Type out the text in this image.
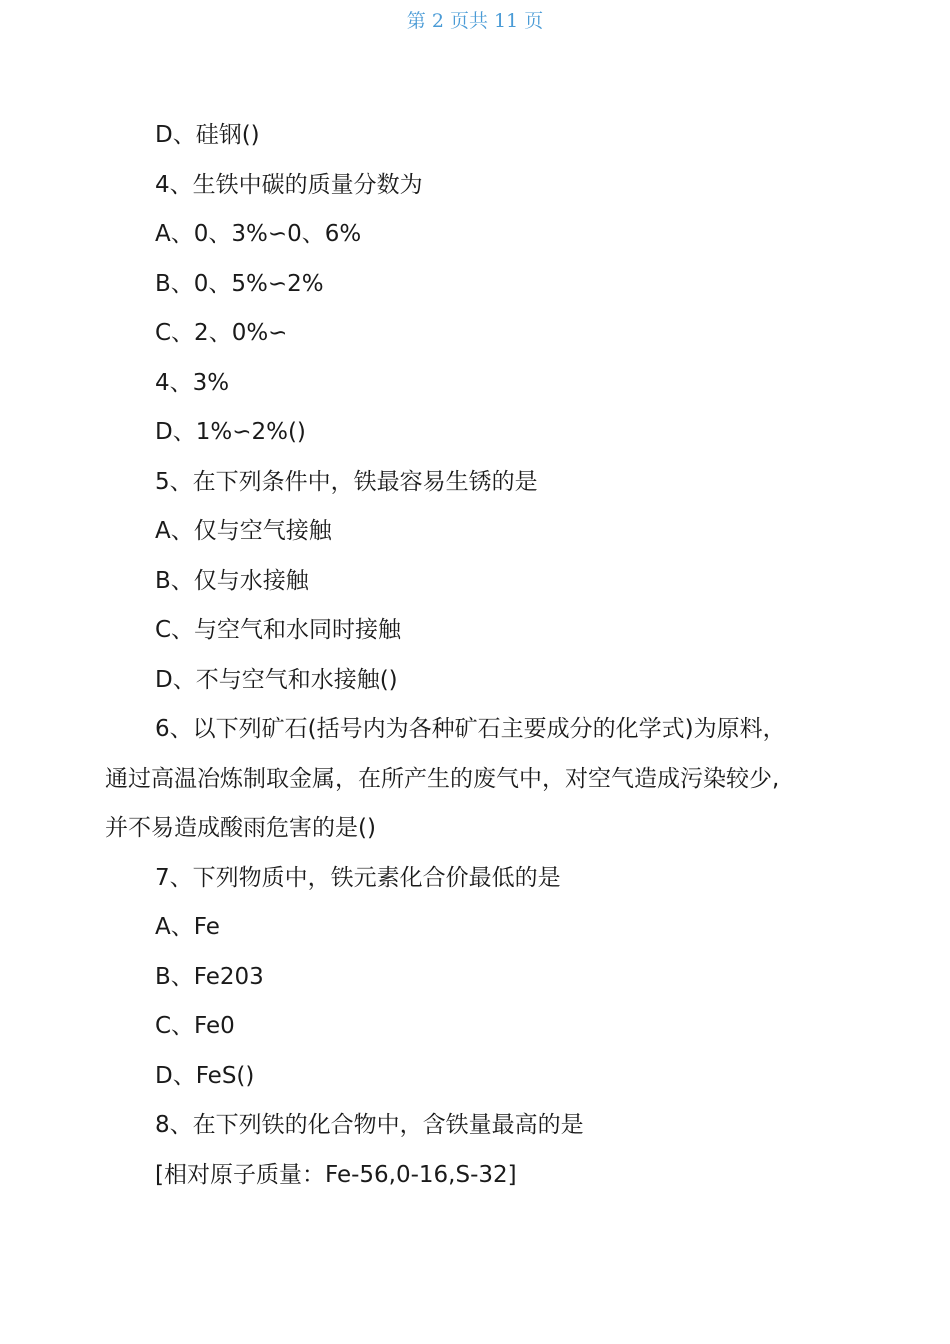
第 2 页共 11 页
D、硅钢()
4、生铁中碳的质量分数为
A、0、3%∽0、6%
B、0、5%∽2%
C、2、0%∽
4、3%
D、1%∽2%()
5、在下列条件中，铁最容易生锈的是
A、仅与空气接触
B、仅与水接触
C、与空气和水同时接触
D、不与空气和水接触()
6、以下列矿石(括号内为各种矿石主要成分的化学式)为原料，
通过高温冶炼制取金属，在所产生的废气中，对空气造成污染较少,
并不易造成酸雨危害的是()
7、下列物质中，铁元素化合价最低的是
A、Fe
B、Fe203
C、Fe0
D、FeS()
8、在下列铁的化合物中，含铁量最高的是
[相对原子质量：Fe-56,0-16,S-32]
